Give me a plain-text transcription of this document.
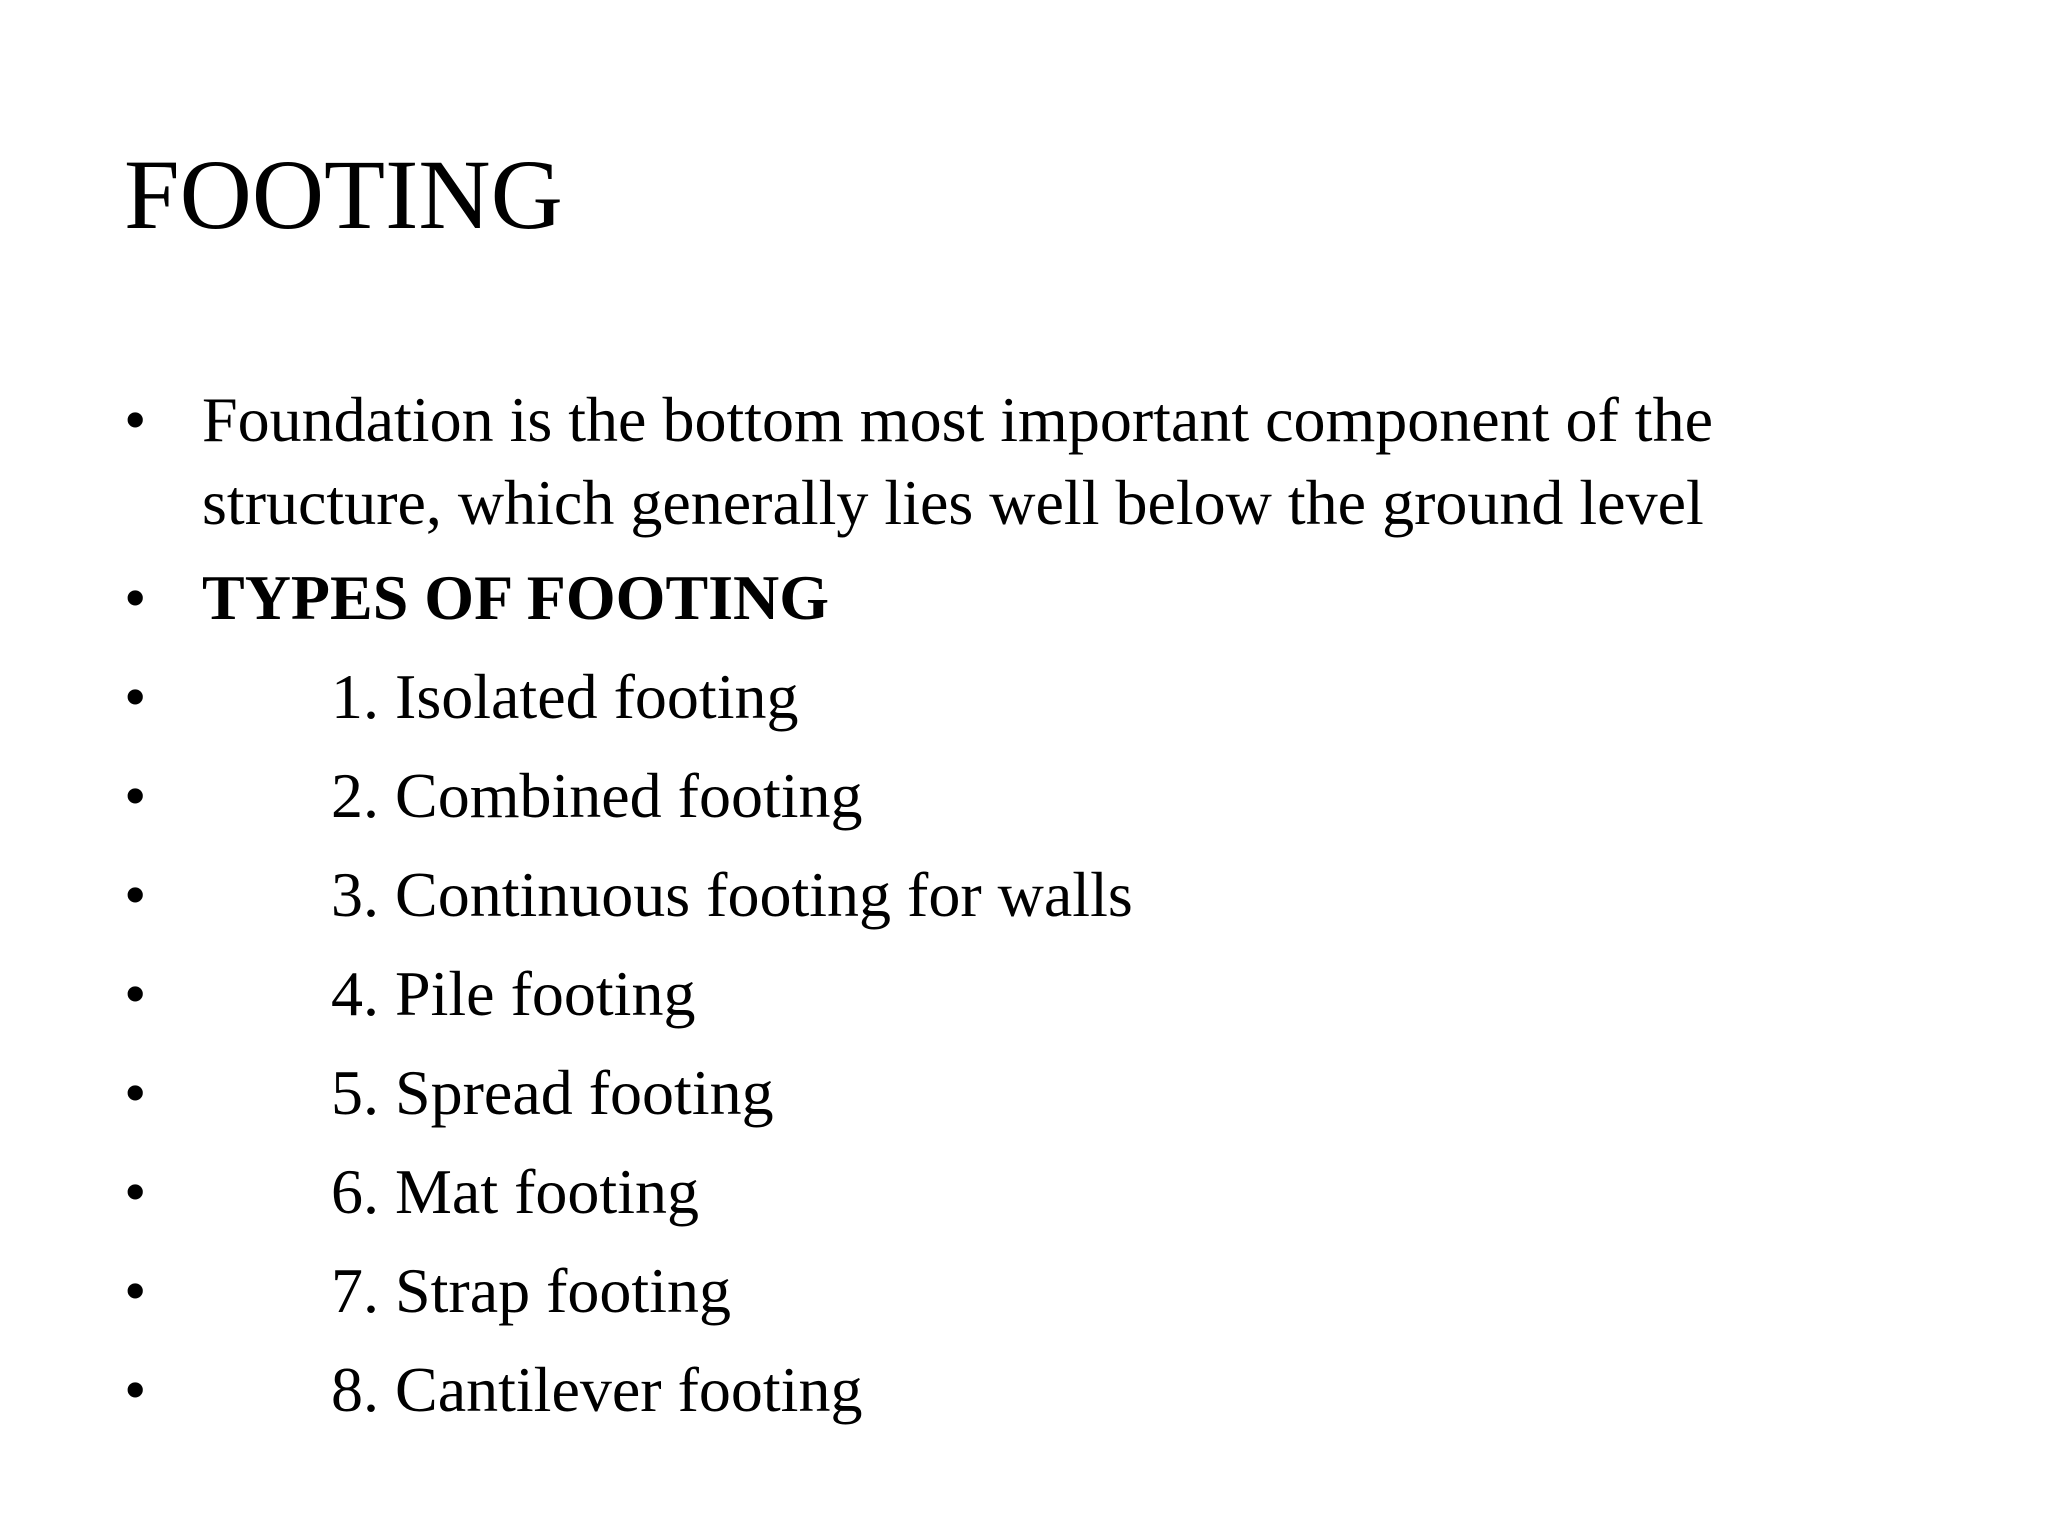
FOOTING
• Foundation is the bottom most important component of the structure, which generally lies well below the ground level
• TYPES OF FOOTING
•	1. Isolated footing
•	2. Combined footing
•	3. Continuous footing for walls
•	4. Pile footing
•	5. Spread footing
•	6. Mat footing
•	7. Strap footing
•	8. Cantilever footing
